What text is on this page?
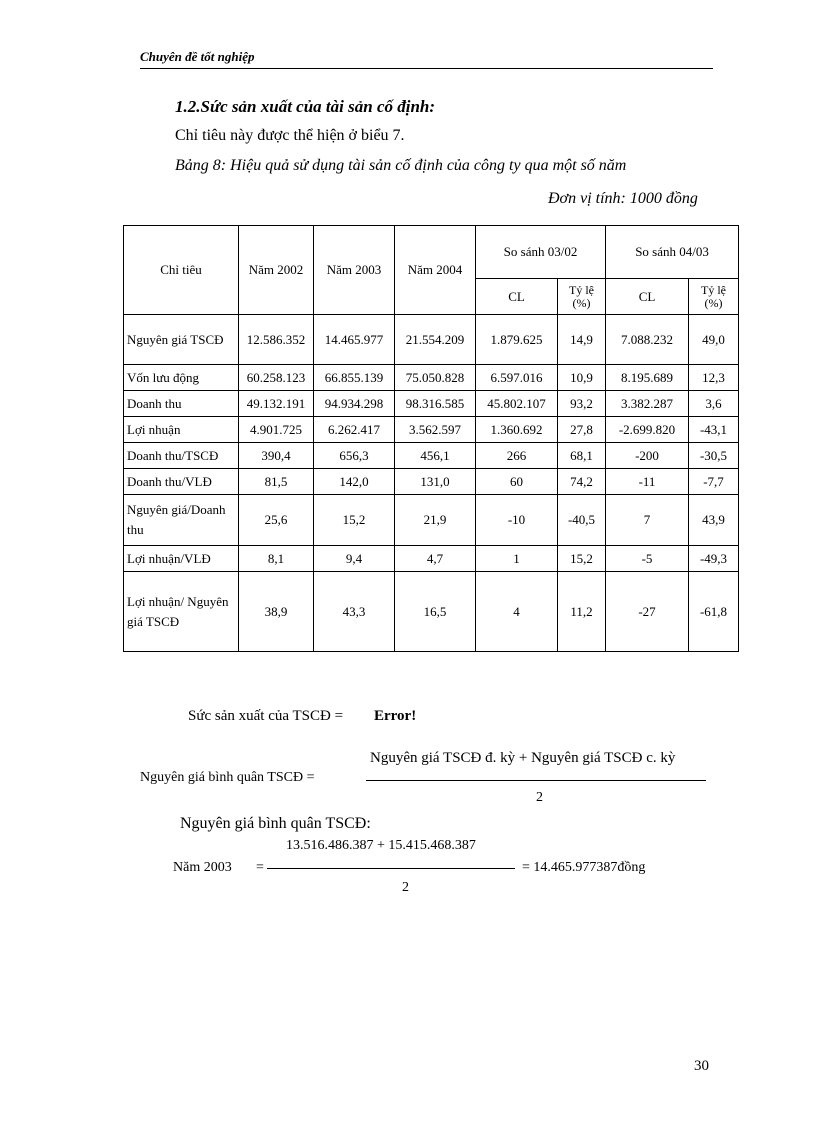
Chuyên đề tốt nghiệp
1.2.Sức sản xuất của tài sản cố định:
Chỉ tiêu này được thể hiện ở biểu 7.
Bảng 8: Hiệu quả sử dụng tài sản cố định của công ty qua một số năm
Đơn vị tính: 1000 đồng
Chỉ tiêu	Năm 2002	Năm 2003	Năm 2004	So sánh 03/02		So sánh 04/03	
				CL	Tỷ lệ (%)	CL	Tỷ lệ (%)
Nguyên giá TSCĐ	12.586.352	14.465.977	21.554.209	1.879.625	14,9	7.088.232	49,0
Vốn lưu động	60.258.123	66.855.139	75.050.828	6.597.016	10,9	8.195.689	12,3
Doanh thu	49.132.191	94.934.298	98.316.585	45.802.107	93,2	3.382.287	3,6
Lợi nhuận	4.901.725	6.262.417	3.562.597	1.360.692	27,8	-2.699.820	-43,1
Doanh thu/TSCĐ	390,4	656,3	456,1	266	68,1	-200	-30,5
Doanh thu/VLĐ	81,5	142,0	131,0	60	74,2	-11	-7,7
Nguyên giá/Doanh thu	25,6	15,2	21,9	-10	-40,5	7	43,9
Lợi nhuận/VLĐ	8,1	9,4	4,7	1	15,2	-5	-49,3
Lợi nhuận/ Nguyên giá TSCĐ	38,9	43,3	16,5	4	11,2	-27	-61,8
Sức sản xuất của TSCĐ = Error!
Nguyên giá bình quân TSCĐ =
Nguyên giá TSCĐ đ. kỳ + Nguyên giá TSCĐ c. kỳ
2
Nguyên giá bình quân TSCĐ:
13.516.486.387 + 15.415.468.387
Năm 2003 =	= 14.465.977387đồng
2
30
